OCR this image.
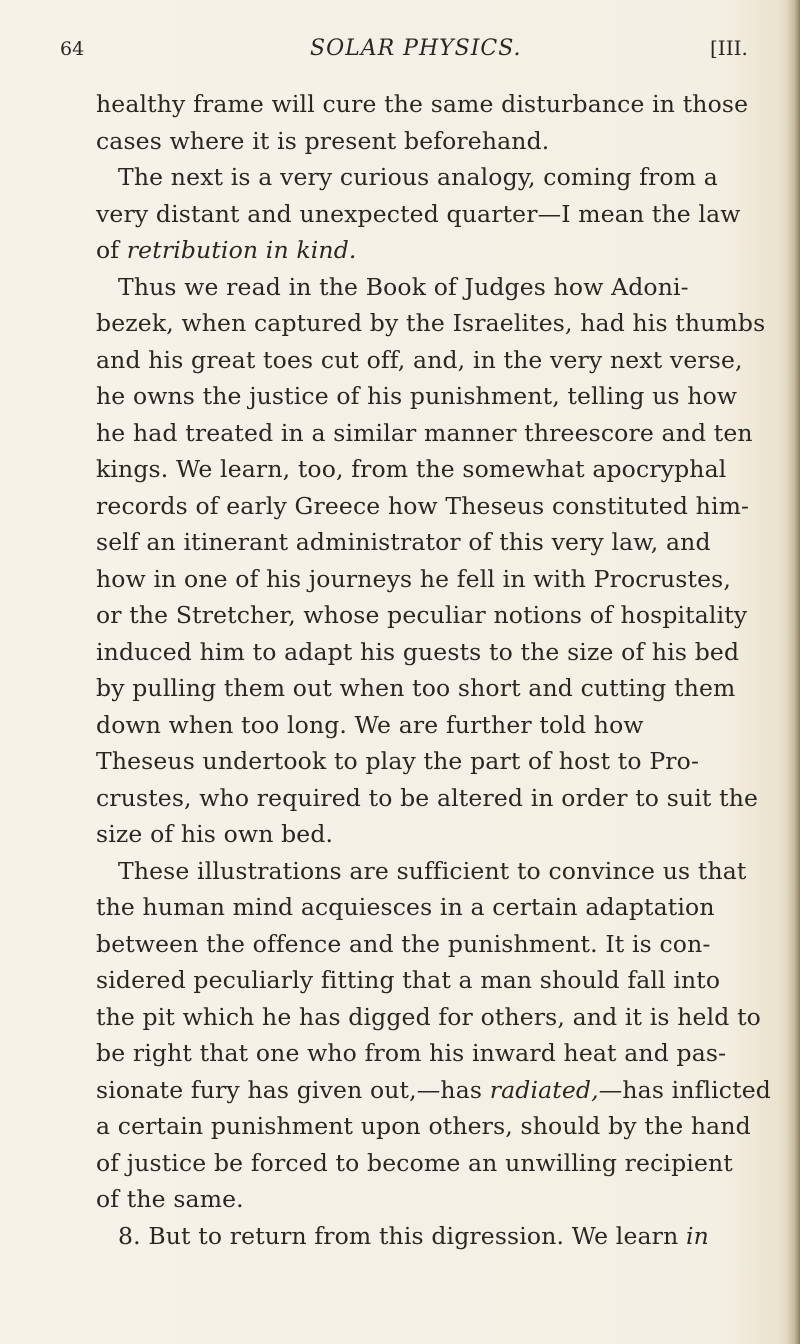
64	SOLAR PHYSICS.	[III.
healthy frame will cure the same disturbance in those
cases where it is present beforehand.
The next is a very curious analogy, coming from a
very distant and unexpected quarter—I mean the law
of retribution in kind.
Thus we read in the Book of Judges how Adoni-
bezek, when captured by the Israelites, had his thumbs
and his great toes cut off, and, in the very next verse,
he owns the justice of his punishment, telling us how
he had treated in a similar manner threescore and ten
kings. We learn, too, from the somewhat apocryphal
records of early Greece how Theseus constituted him-
self an itinerant administrator of this very law, and
how in one of his journeys he fell in with Procrustes,
or the Stretcher, whose peculiar notions of hospitality
induced him to adapt his guests to the size of his bed
by pulling them out when too short and cutting them
down when too long. We are further told how
Theseus undertook to play the part of host to Pro-
crustes, who required to be altered in order to suit the
size of his own bed.
These illustrations are sufficient to convince us that
the human mind acquiesces in a certain adaptation
between the offence and the punishment. It is con-
sidered peculiarly fitting that a man should fall into
the pit which he has digged for others, and it is held to
be right that one who from his inward heat and pas-
sionate fury has given out,—has radiated,—has inflicted
a certain punishment upon others, should by the hand
of justice be forced to become an unwilling recipient
of the same.
8. But to return from this digression. We learn in
